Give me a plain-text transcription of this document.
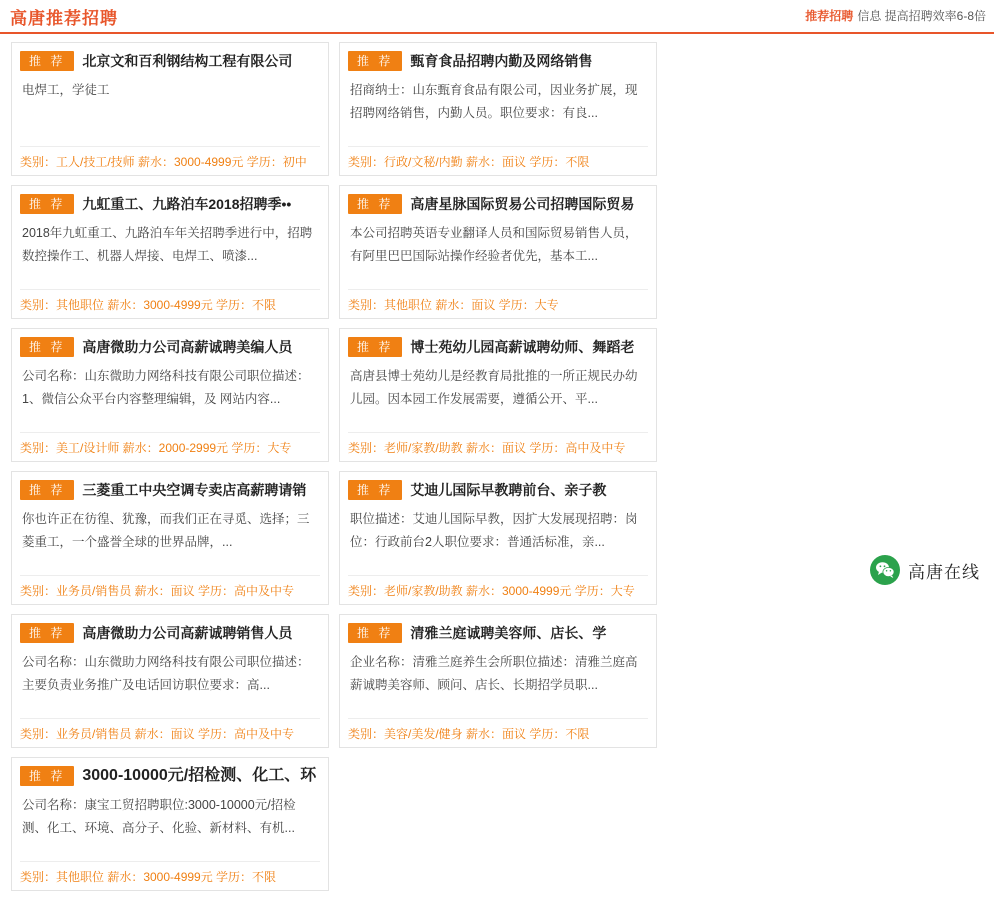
高唐推荐招聘	推荐招聘 信息 提高招聘效率6-8倍
推 荐	北京文和百利钢结构工程有限公司
电焊工，学徒工
类别：工人/技工/技师 薪水：3000-4999元 学历：初中
推 荐	甄育食品招聘内勤及网络销售
招商纳士：山东甄育食品有限公司，因业务扩展，现招聘网络销售，内勤人员。职位要求：有良...
类别：行政/文秘/内勤 薪水：面议 学历：不限
推 荐	九虹重工、九路泊车2018招聘季••
2018年九虹重工、九路泊车年关招聘季进行中，招聘数控操作工、机器人焊接、电焊工、喷漆...
类别：其他职位 薪水：3000-4999元 学历：不限
推 荐	高唐星脉国际贸易公司招聘国际贸易
本公司招聘英语专业翻译人员和国际贸易销售人员，有阿里巴巴国际站操作经验者优先，基本工...
类别：其他职位 薪水：面议 学历：大专
推 荐	高唐微助力公司高薪诚聘美编人员
公司名称：山东微助力网络科技有限公司职位描述：1、微信公众平台内容整理编辑，及 网站内容...
类别：美工/设计师 薪水：2000-2999元 学历：大专
推 荐	博士苑幼儿园高薪诚聘幼师、舞蹈老
高唐县博士苑幼儿是经教育局批推的一所正规民办幼儿园。因本园工作发展需要，遵循公开、平...
类别：老师/家教/助教 薪水：面议 学历：高中及中专
推 荐	三菱重工中央空调专卖店高薪聘请销
你也许正在彷徨、犹豫，而我们正在寻觅、选择；三菱重工，一个盛誉全球的世界品牌，...
类别：业务员/销售员 薪水：面议 学历：高中及中专
推 荐	艾迪儿国际早教聘前台、亲子教
职位描述：艾迪儿国际早教，因扩大发展现招聘：岗位：行政前台2人职位要求：普通活标准，亲...
类别：老师/家教/助教 薪水：3000-4999元 学历：大专
推 荐	高唐微助力公司高薪诚聘销售人员
公司名称：山东微助力网络科技有限公司职位描述：主要负责业务推广及电话回访职位要求：高...
类别：业务员/销售员 薪水：面议 学历：高中及中专
推 荐	清雅兰庭诚聘美容师、店长、学
企业名称：清雅兰庭养生会所职位描述：清雅兰庭高薪诚聘美容师、顾问、店长、长期招学员职...
类别：美容/美发/健身 薪水：面议 学历：不限
推 荐	3000-10000元/招检测、化工、环
公司名称：康宝工贸招聘职位:3000-10000元/招检测、化工、环境、高分子、化验、新材料、有机...
类别：其他职位 薪水：3000-4999元 学历：不限
高唐在线
